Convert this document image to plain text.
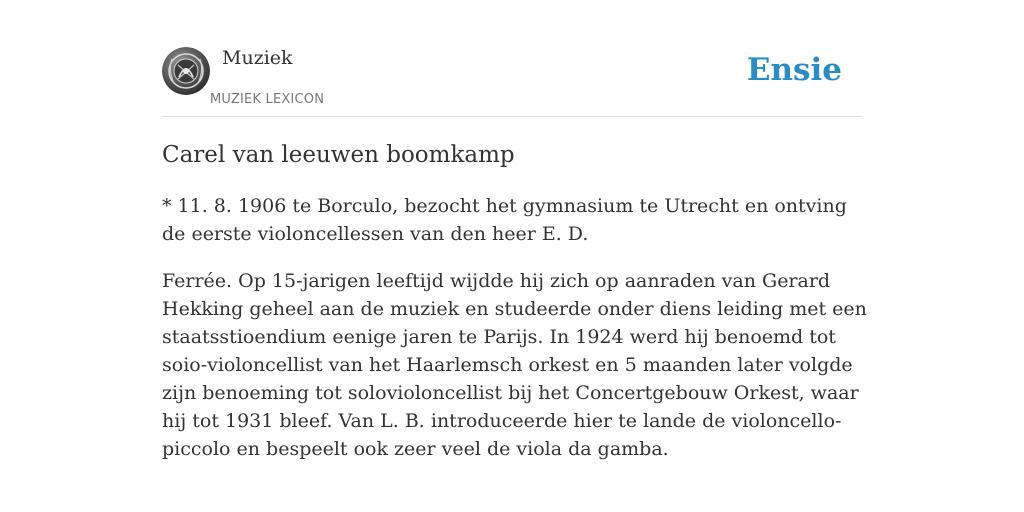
Muziek
MUZIEK LEXICON
Ensie
Carel van leeuwen boomkamp

* 11. 8. 1906 te Borculo, bezocht het gymnasium te Utrecht en ontving de eerste violoncellessen van den heer E. D.

Ferrée. Op 15-jarigen leeftijd wijdde hij zich op aanraden van Gerard Hekking geheel aan de muziek en studeerde onder diens leiding met een staatsstioendium eenige jaren te Parijs. In 1924 werd hij benoemd tot soio-violoncellist van het Haarlemsch orkest en 5 maanden later volgde zijn benoeming tot solovioloncellist bij het Concertgebouw Orkest, waar hij tot 1931 bleef. Van L. B. introduceerde hier te lande de violoncello-piccolo en bespeelt ook zeer veel de viola da gamba.
